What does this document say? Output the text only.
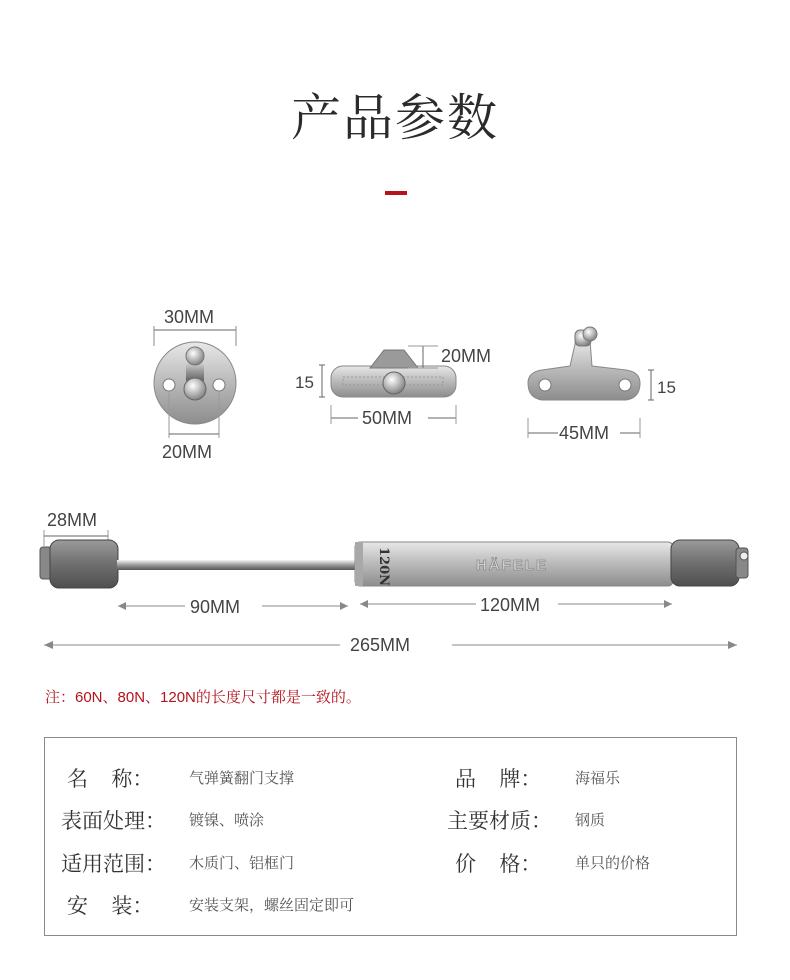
产品参数
HÄFELE
120N
30MM
20MM
15
20MM
50MM
15
45MM
28MM
90MM	120MM
265MM
注：60N、80N、120N的长度尺寸都是一致的。
名    称： 气弹簧翻门支撑	品    牌： 海福乐
表面处理： 镀镍、喷涂	主要材质： 钢质
适用范围： 木质门、铝框门	价    格： 单只的价格
安    装： 安装支架，螺丝固定即可
